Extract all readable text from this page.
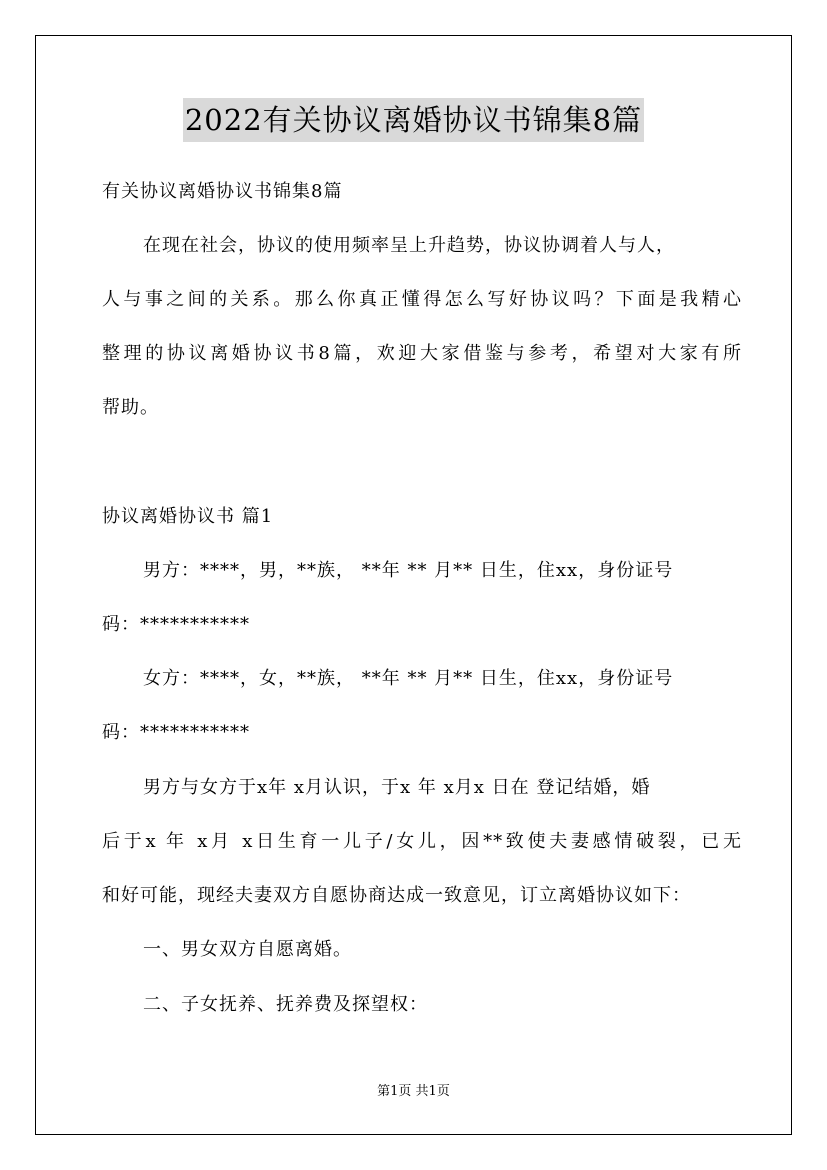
2022有关协议离婚协议书锦集8篇

有关协议离婚协议书锦集8篇

在现在社会，协议的使用频率呈上升趋势，协议协调着人与人，

人与事之间的关系。那么你真正懂得怎么写好协议吗？下面是我精心

整理的协议离婚协议书8篇，欢迎大家借鉴与参考，希望对大家有所

帮助。

协议离婚协议书 篇1

男方：****，男，**族， **年 ** 月** 日生，住xx，身份证号

码：***********

女方：****，女，**族， **年 ** 月** 日生，住xx，身份证号

码：***********

男方与女方于x年 x月认识，于x 年 x月x 日在 登记结婚，婚

后于x 年 x月 x日生育一儿子/女儿，因**致使夫妻感情破裂，已无

和好可能，现经夫妻双方自愿协商达成一致意见，订立离婚协议如下：

一、男女双方自愿离婚。

二、子女抚养、抚养费及探望权：

第1页 共1页
